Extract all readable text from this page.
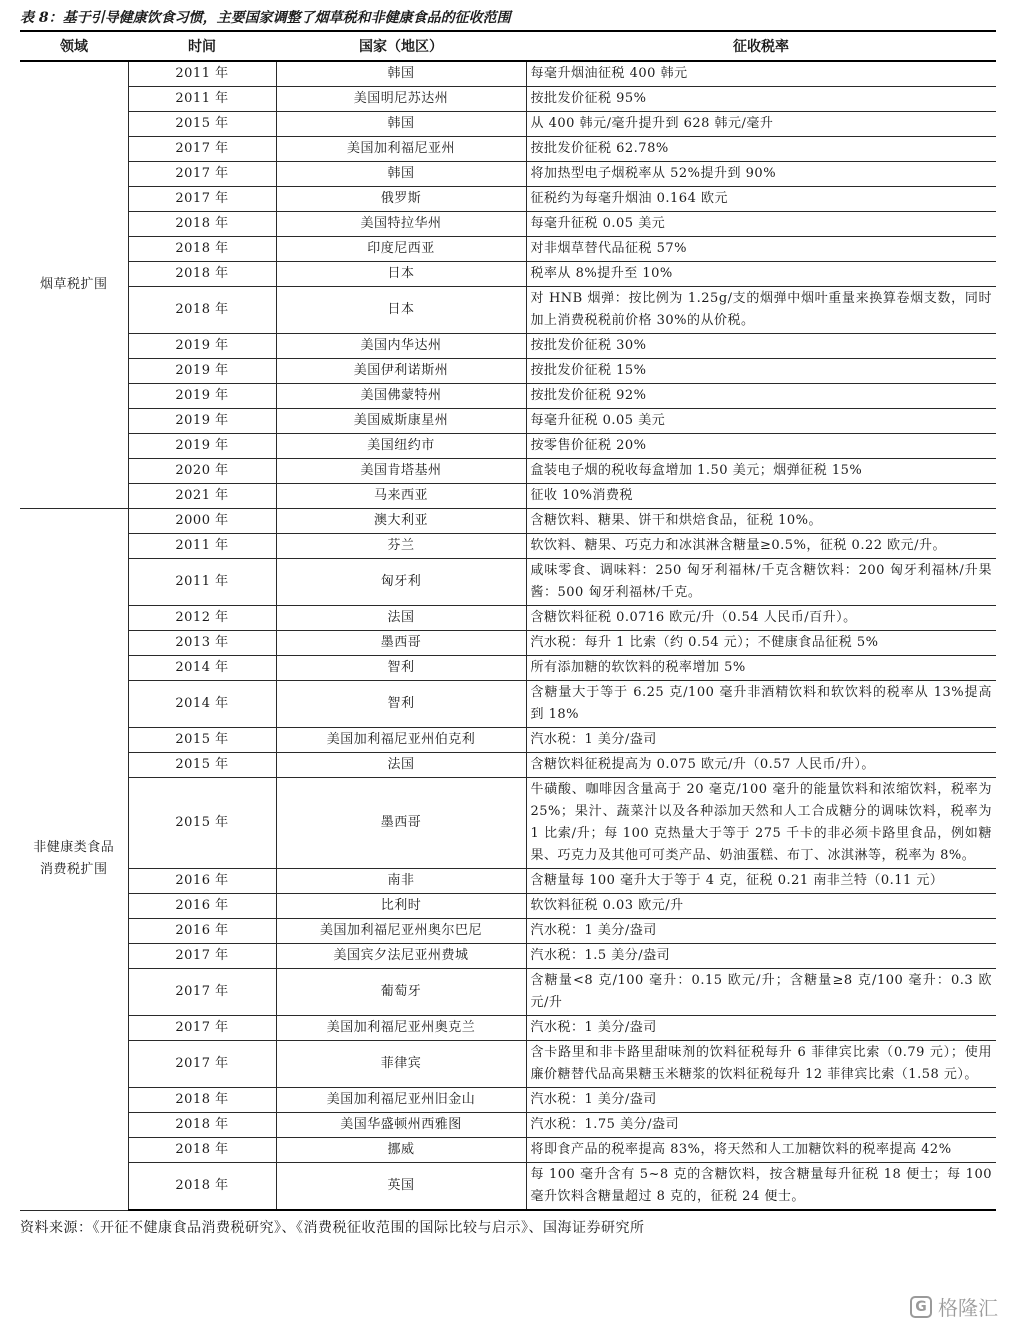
表 8：基于引导健康饮食习惯，主要国家调整了烟草税和非健康食品的征收范围
领域	时间	国家（地区）	征收税率
烟草税扩围	2011 年	韩国	每毫升烟油征税 400 韩元
	2011 年	美国明尼苏达州	按批发价征税 95%
	2015 年	韩国	从 400 韩元/毫升提升到 628 韩元/毫升
	2017 年	美国加利福尼亚州	按批发价征税 62.78%
	2017 年	韩国	将加热型电子烟税率从 52%提升到 90%
	2017 年	俄罗斯	征税约为每毫升烟油 0.164 欧元
	2018 年	美国特拉华州	每毫升征税 0.05 美元
	2018 年	印度尼西亚	对非烟草替代品征税 57%
	2018 年	日本	税率从 8%提升至 10%
	2018 年	日本	对 HNB 烟弹：按比例为 1.25g/支的烟弹中烟叶重量来换算卷烟支数，同时加上消费税税前价格 30%的从价税。
	2019 年	美国内华达州	按批发价征税 30%
	2019 年	美国伊利诺斯州	按批发价征税 15%
	2019 年	美国佛蒙特州	按批发价征税 92%
	2019 年	美国威斯康星州	每毫升征税 0.05 美元
	2019 年	美国纽约市	按零售价征税 20%
	2020 年	美国肯塔基州	盒装电子烟的税收每盒增加 1.50 美元；烟弹征税 15%
	2021 年	马来西亚	征收 10%消费税
非健康类食品消费税扩围	2000 年	澳大利亚	含糖饮料、糖果、饼干和烘焙食品，征税 10%。
	2011 年	芬兰	软饮料、糖果、巧克力和冰淇淋含糖量≥0.5%，征税 0.22 欧元/升。
	2011 年	匈牙利	咸味零食、调味料：250 匈牙利福林/千克含糖饮料：200 匈牙利福林/升果酱：500 匈牙利福林/千克。
	2012 年	法国	含糖饮料征税 0.0716 欧元/升（0.54 人民币/百升）。
	2013 年	墨西哥	汽水税：每升 1 比索（约 0.54 元）；不健康食品征税 5%
	2014 年	智利	所有添加糖的软饮料的税率增加 5%
	2014 年	智利	含糖量大于等于 6.25 克/100 毫升非酒精饮料和软饮料的税率从 13%提高到 18%
	2015 年	美国加利福尼亚州伯克利	汽水税：1 美分/盎司
	2015 年	法国	含糖饮料征税提高为 0.075 欧元/升（0.57 人民币/升）。
	2015 年	墨西哥	牛磺酸、咖啡因含量高于 20 毫克/100 毫升的能量饮料和浓缩饮料，税率为 25%；果汁、蔬菜汁以及各种添加天然和人工合成糖分的调味饮料，税率为 1 比索/升；每 100 克热量大于等于 275 千卡的非必须卡路里食品，例如糖果、巧克力及其他可可类产品、奶油蛋糕、布丁、冰淇淋等，税率为 8%。
	2016 年	南非	含糖量每 100 毫升大于等于 4 克，征税 0.21 南非兰特（0.11 元）
	2016 年	比利时	软饮料征税 0.03 欧元/升
	2016 年	美国加利福尼亚州奥尔巴尼	汽水税：1 美分/盎司
	2017 年	美国宾夕法尼亚州费城	汽水税：1.5 美分/盎司
	2017 年	葡萄牙	含糖量<8 克/100 毫升：0.15 欧元/升；含糖量≥8 克/100 毫升：0.3 欧元/升
	2017 年	美国加利福尼亚州奥克兰	汽水税：1 美分/盎司
	2017 年	菲律宾	含卡路里和非卡路里甜味剂的饮料征税每升 6 菲律宾比索（0.79 元）；使用廉价糖替代品高果糖玉米糖浆的饮料征税每升 12 菲律宾比索（1.58 元）。
	2018 年	美国加利福尼亚州旧金山	汽水税：1 美分/盎司
	2018 年	美国华盛顿州西雅图	汽水税：1.75 美分/盎司
	2018 年	挪威	将即食产品的税率提高 83%，将天然和人工加糖饮料的税率提高 42%
	2018 年	英国	每 100 毫升含有 5~8 克的含糖饮料，按含糖量每升征税 18 便士；每 100 毫升饮料含糖量超过 8 克的，征税 24 便士。
资料来源：《开征不健康食品消费税研究》、《消费税征收范围的国际比较与启示》、国海证券研究所
G 格隆汇
